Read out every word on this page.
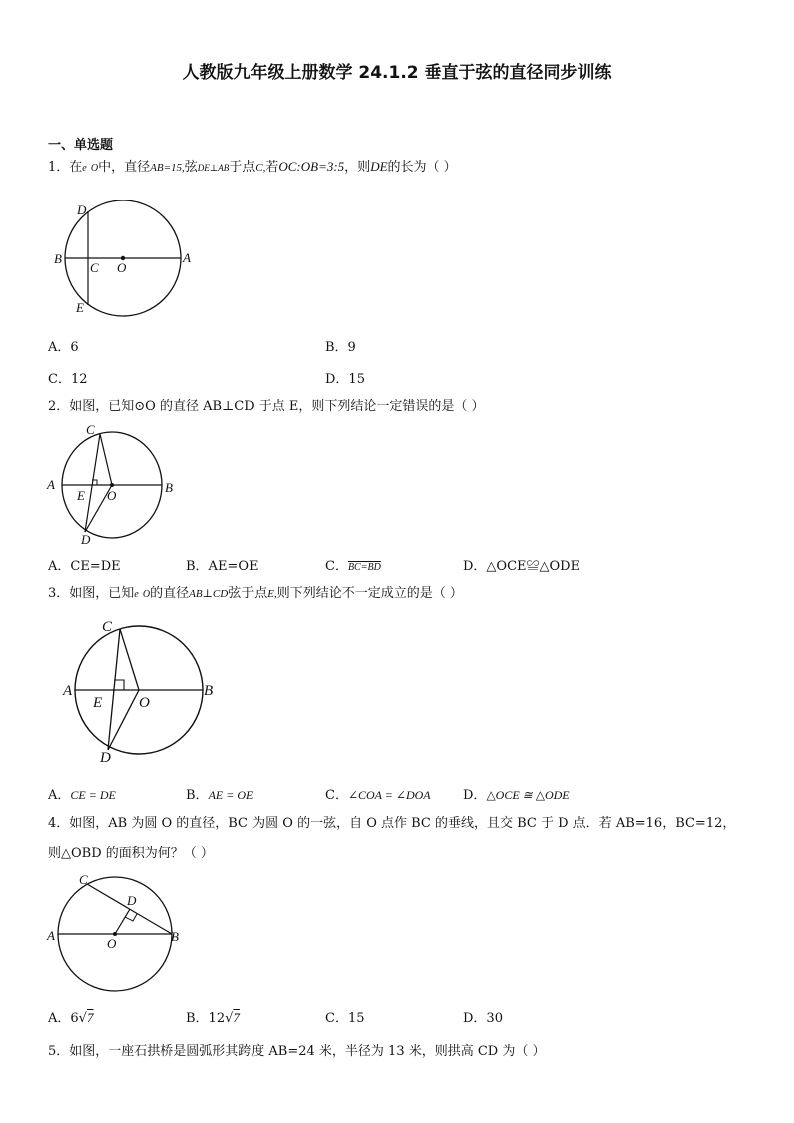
人教版九年级上册数学 24.1.2 垂直于弦的直径同步训练
一、单选题
1．在e O中，直径AB=15,弦DE⊥AB于点C,若OC:OB=3:5，则DE的长为（ ）
D
B
C O
A
E
A．6	B．9
C．12	D．15
2．如图，已知⊙O 的直径 AB⊥CD 于点 E，则下列结论一定错误的是（ ）
C
A
E O
B
D
A．CE=DE	B．AE=OE	C．BC=BD	D．△OCE≌△ODE
3．如图，已知e O的直径AB⊥CD弦于点E,则下列结论不一定成立的是（ ）
C
A
E O
B
D
A．CE = DE	B．AE = OE	C．∠COA = ∠DOA D．△OCE ≅ △ODE
4．如图，AB 为圆 O 的直径，BC 为圆 O 的一弦，自 O 点作 BC 的垂线，且交 BC 于 D 点．若 AB=16，BC=12，
则△OBD 的面积为何？（ ）
C
D
A
O	B
A．6√7	B．12√7	C．15	D．30
5．如图，一座石拱桥是圆弧形其跨度 AB=24 米，半径为 13 米，则拱高 CD 为（ ）
